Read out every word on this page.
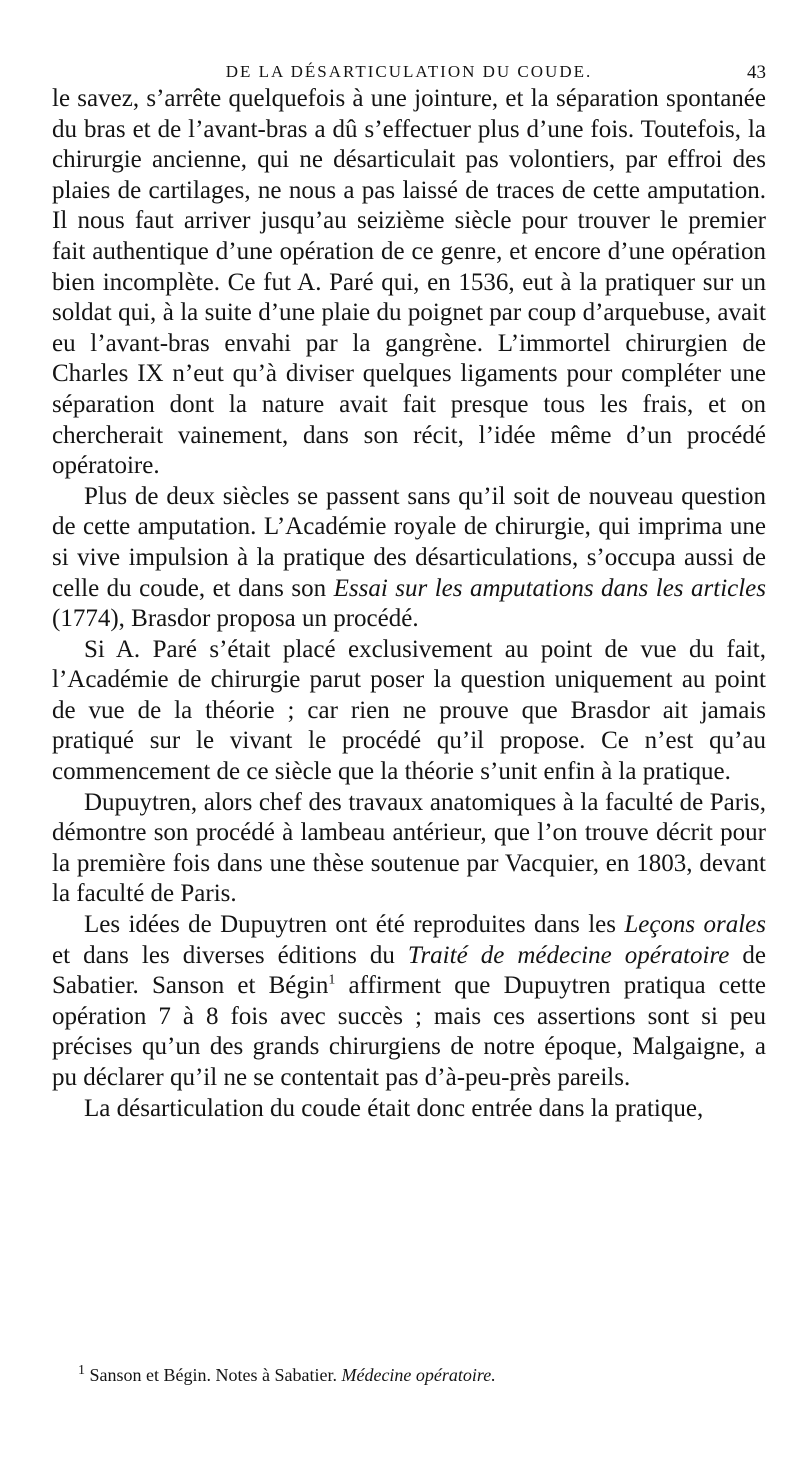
DE LA DÉSARTICULATION DU COUDE.	43

le savez, s’arrête quelquefois à une jointure, et la séparation spontanée du bras et de l’avant-bras a dû s’effectuer plus d’une fois. Toutefois, la chirurgie ancienne, qui ne désarticulait pas volontiers, par effroi des plaies de cartilages, ne nous a pas laissé de traces de cette amputation. Il nous faut arriver jusqu’au seizième siècle pour trouver le premier fait authentique d’une opération de ce genre, et encore d’une opération bien incomplète. Ce fut A. Paré qui, en 1536, eut à la pratiquer sur un soldat qui, à la suite d’une plaie du poignet par coup d’arquebuse, avait eu l’avant-bras envahi par la gangrène. L’immortel chirurgien de Charles IX n’eut qu’à diviser quelques ligaments pour compléter une séparation dont la nature avait fait presque tous les frais, et on chercherait vainement, dans son récit, l’idée même d’un procédé opératoire.

Plus de deux siècles se passent sans qu’il soit de nouveau question de cette amputation. L’Académie royale de chirurgie, qui imprima une si vive impulsion à la pratique des désarticulations, s’occupa aussi de celle du coude, et dans son Essai sur les amputations dans les articles (1774), Brasdor proposa un procédé.

Si A. Paré s’était placé exclusivement au point de vue du fait, l’Académie de chirurgie parut poser la question uniquement au point de vue de la théorie ; car rien ne prouve que Brasdor ait jamais pratiqué sur le vivant le procédé qu’il propose. Ce n’est qu’au commencement de ce siècle que la théorie s’unit enfin à la pratique.

Dupuytren, alors chef des travaux anatomiques à la faculté de Paris, démontre son procédé à lambeau antérieur, que l’on trouve décrit pour la première fois dans une thèse soutenue par Vacquier, en 1803, devant la faculté de Paris.

Les idées de Dupuytren ont été reproduites dans les Leçons orales et dans les diverses éditions du Traité de médecine opératoire de Sabatier. Sanson et Bégin$^1$ affirment que Dupuytren pratiqua cette opération 7 à 8 fois avec succès ; mais ces assertions sont si peu précises qu’un des grands chirurgiens de notre époque, Malgaigne, a pu déclarer qu’il ne se contentait pas d’à-peu-près pareils.

La désarticulation du coude était donc entrée dans la pratique,

$^1$ Sanson et Bégin. Notes à Sabatier. Médecine opératoire.
